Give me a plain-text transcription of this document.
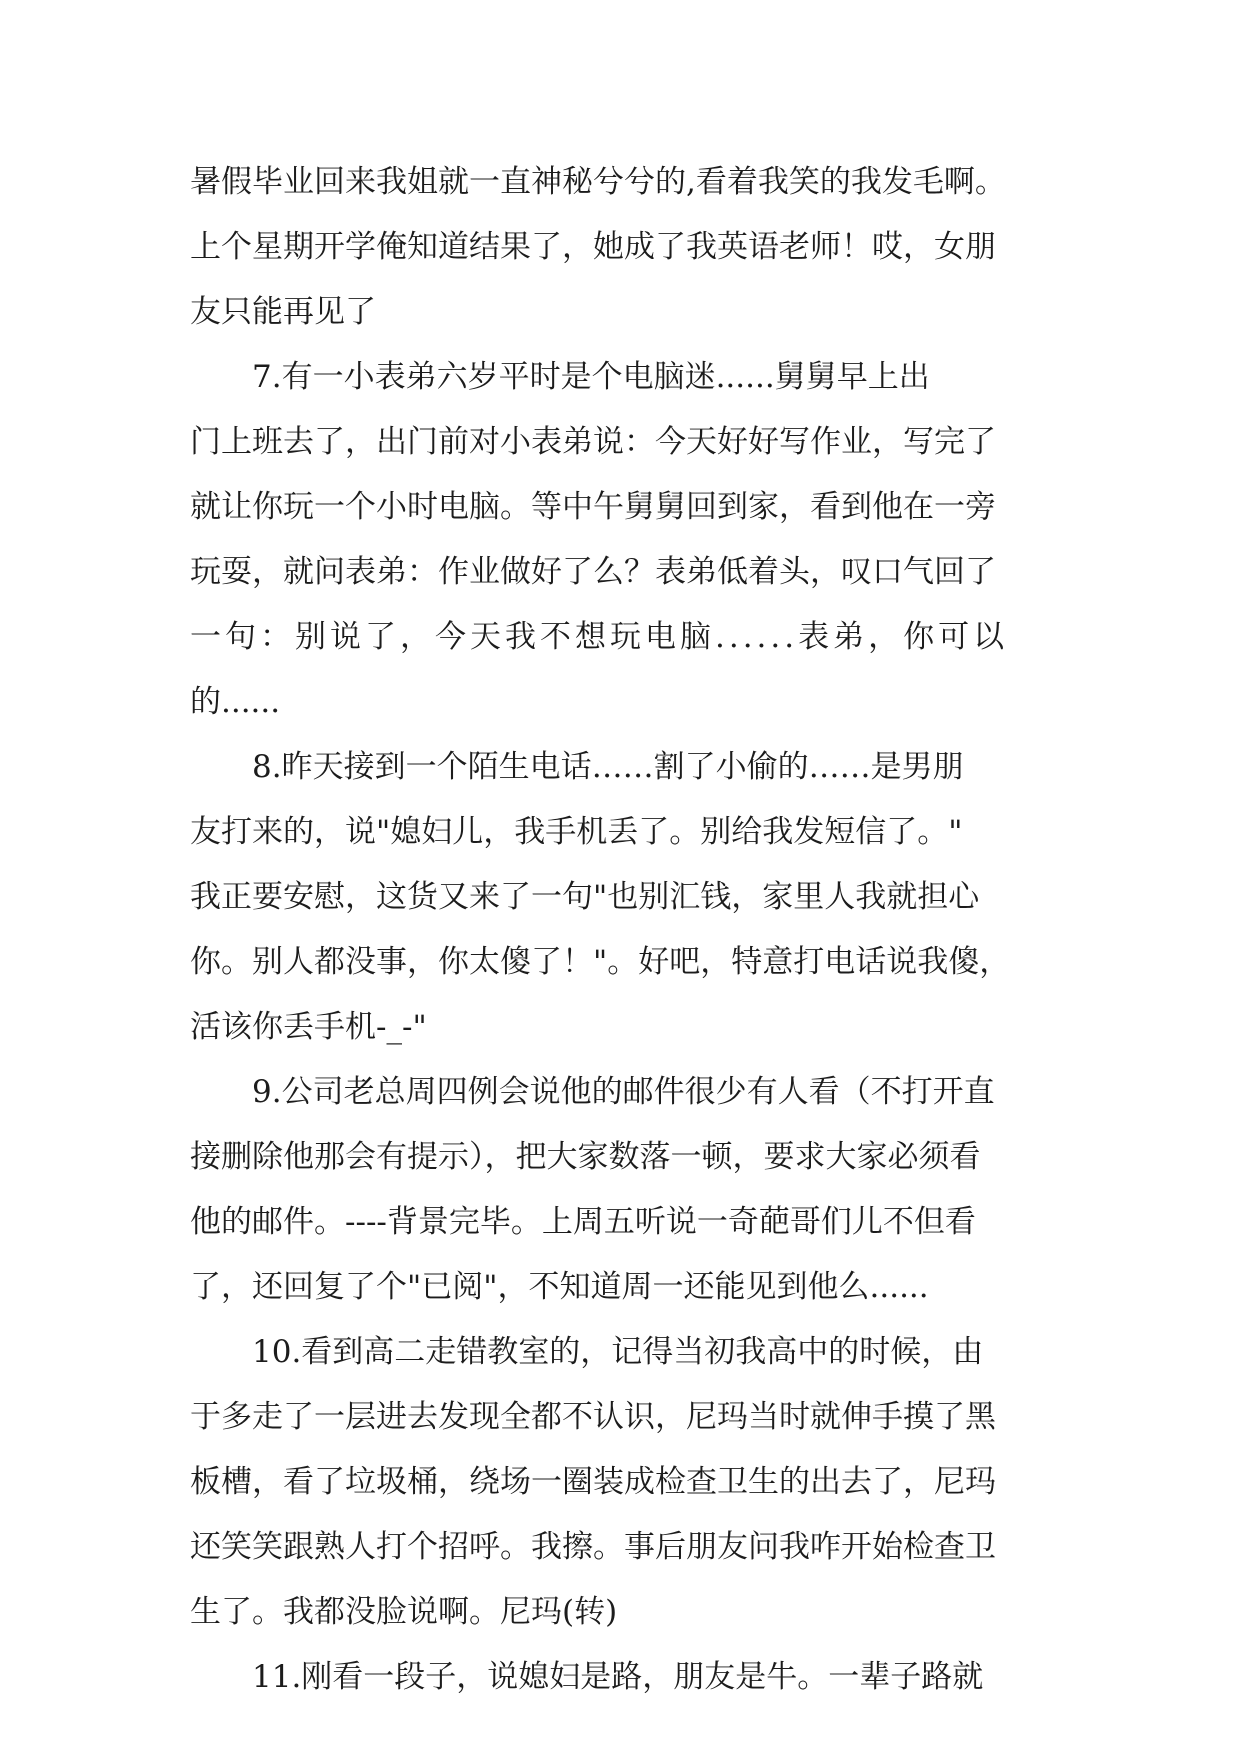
暑假毕业回来我姐就一直神秘兮兮的,看着我笑的我发毛啊。
上个星期开学俺知道结果了，她成了我英语老师！哎，女朋
友只能再见了
7.有一小表弟六岁平时是个电脑迷......舅舅早上出
门上班去了，出门前对小表弟说：今天好好写作业，写完了
就让你玩一个小时电脑。等中午舅舅回到家，看到他在一旁
玩耍，就问表弟：作业做好了么？表弟低着头，叹口气回了
一句：别说了，今天我不想玩电脑......表弟，你可以
的......
8.昨天接到一个陌生电话……割了小偷的……是男朋
友打来的，说"媳妇儿，我手机丢了。别给我发短信了。"
我正要安慰，这货又来了一句"也别汇钱，家里人我就担心
你。别人都没事，你太傻了！"。好吧，特意打电话说我傻，
活该你丢手机-_-"
9.公司老总周四例会说他的邮件很少有人看（不打开直
接删除他那会有提示），把大家数落一顿，要求大家必须看
他的邮件。----背景完毕。上周五听说一奇葩哥们儿不但看
了，还回复了个"已阅"，不知道周一还能见到他么......
10.看到高二走错教室的，记得当初我高中的时候，由
于多走了一层进去发现全都不认识，尼玛当时就伸手摸了黑
板槽，看了垃圾桶，绕场一圈装成检查卫生的出去了，尼玛
还笑笑跟熟人打个招呼。我擦。事后朋友问我咋开始检查卫
生了。我都没脸说啊。尼玛(转)
11.刚看一段子，说媳妇是路，朋友是牛。一辈子路就
